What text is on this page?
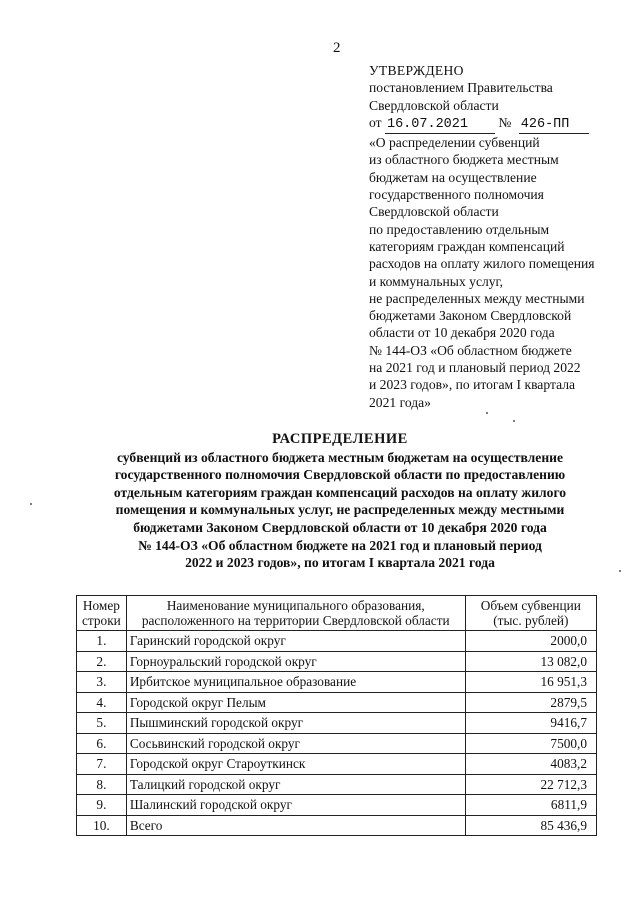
2
УТВЕРЖДЕНО
постановлением Правительства
Свердловской области
от 16.07.2021 № 426-ПП
«О распределении субвенций
из областного бюджета местным
бюджетам на осуществление
государственного полномочия
Свердловской области
по предоставлению отдельным
категориям граждан компенсаций
расходов на оплату жилого помещения
и коммунальных услуг,
не распределенных между местными
бюджетами Законом Свердловской
области от 10 декабря 2020 года
№ 144-ОЗ «Об областном бюджете
на 2021 год и плановый период 2022
и 2023 годов», по итогам I квартала
2021 года»
РАСПРЕДЕЛЕНИЕ
субвенций из областного бюджета местным бюджетам на осуществление
государственного полномочия Свердловской области по предоставлению
отдельным категориям граждан компенсаций расходов на оплату жилого
помещения и коммунальных услуг, не распределенных между местными
бюджетами Законом Свердловской области от 10 декабря 2020 года
№ 144-ОЗ «Об областном бюджете на 2021 год и плановый период
2022 и 2023 годов», по итогам I квартала 2021 года
Номер строки	Наименование муниципального образования, расположенного на территории Свердловской области	Объем субвенции (тыс. рублей)
1.	Гаринский городской округ	2000,0
2.	Горноуральский городской округ	13 082,0
3.	Ирбитское муниципальное образование	16 951,3
4.	Городской округ Пелым	2879,5
5.	Пышминский городской округ	9416,7
6.	Сосьвинский городской округ	7500,0
7.	Городской округ Староуткинск	4083,2
8.	Талицкий городской округ	22 712,3
9.	Шалинский городской округ	6811,9
10.	Всего	85 436,9
